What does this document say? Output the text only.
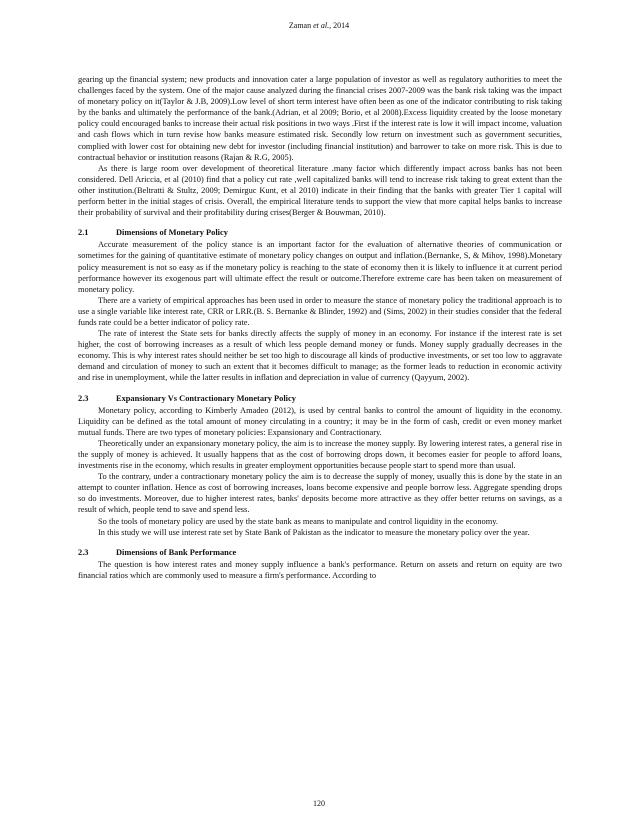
Zaman et al., 2014

gearing up the financial system; new products and innovation cater a large population of investor as well as regulatory authorities to meet the challenges faced by the system. One of the major cause analyzed during the financial crises 2007-2009 was the bank risk taking was the impact of monetary policy on it(Taylor & J.B, 2009).Low level of short term interest have often been as one of the indicator contributing to risk taking by the banks and ultimately the performance of the bank.(Adrian, et al 2009; Borio, et al 2008).Excess liquidity created by the loose monetary policy could encouraged banks to increase their actual risk positions in two ways .First if the interest rate is low it will impact income, valuation and cash flows which in turn revise how banks measure estimated risk. Secondly low return on investment such as government securities, complied with lower cost for obtaining new debt for investor (including financial institution) and barrower to take on more risk. This is due to contractual behavior or institution reasons (Rajan & R.G, 2005).

As there is large room over development of theoretical literature .many factor which differently impact across banks has not been considered. Dell Ariccia, et al (2010) find that a policy cut rate ,well capitalized banks will tend to increase risk taking to great extent than the other institution.(Beltratti & Stultz, 2009; Demirguc Kunt, et al 2010) indicate in their finding that the banks with greater Tier 1 capital will perform better in the initial stages of crisis. Overall, the empirical literature tends to support the view that more capital helps banks to increase their probability of survival and their profitability during crises(Berger & Bouwman, 2010).

2.1	Dimensions of Monetary Policy

Accurate measurement of the policy stance is an important factor for the evaluation of alternative theories of communication or sometimes for the gaining of quantitative estimate of monetary policy changes on output and inflation.(Bernanke, S, & Mihov, 1998).Monetary policy measurement is not so easy as if the monetary policy is reaching to the state of economy then it is likely to influence it at current period performance however its exogenous part will ultimate effect the result or outcome.Therefore extreme care has been taken on measurement of monetary policy.

There are a variety of empirical approaches has been used in order to measure the stance of monetary policy the traditional approach is to use a single variable like interest rate, CRR or LRR.(B. S. Bernanke & Blinder, 1992) and (Sims, 2002) in their studies consider that the federal funds rate could be a better indicator of policy rate.

The rate of interest the State sets for banks directly affects the supply of money in an economy. For instance if the interest rate is set higher, the cost of borrowing increases as a result of which less people demand money or funds. Money supply gradually decreases in the economy. This is why interest rates should neither be set too high to discourage all kinds of productive investments, or set too low to aggravate demand and circulation of money to such an extent that it becomes difficult to manage; as the former leads to reduction in economic activity and rise in unemployment, while the latter results in inflation and depreciation in value of currency (Qayyum, 2002).

2.3	Expansionary Vs Contractionary Monetary Policy

Monetary policy, according to Kimberly Amadeo (2012), is used by central banks to control the amount of liquidity in the economy. Liquidity can be defined as the total amount of money circulating in a country; it may be in the form of cash, credit or even money market mutual funds. There are two types of monetary policies: Expansionary and Contractionary.

Theoretically under an expansionary monetary policy, the aim is to increase the money supply. By lowering interest rates, a general rise in the supply of money is achieved. It usually happens that as the cost of borrowing drops down, it becomes easier for people to afford loans, investments rise in the economy, which results in greater employment opportunities because people start to spend more than usual.

To the contrary, under a contractionary monetary policy the aim is to decrease the supply of money, usually this is done by the state in an attempt to counter inflation. Hence as cost of borrowing increases, loans become expensive and people borrow less. Aggregate spending drops so do investments. Moreover, due to higher interest rates, banks' deposits become more attractive as they offer better returns on savings, as a result of which, people tend to save and spend less.

So the tools of monetary policy are used by the state bank as means to manipulate and control liquidity in the economy.

In this study we will use interest rate set by State Bank of Pakistan as the indicator to measure the monetary policy over the year.

2.3	Dimensions of Bank Performance

The question is how interest rates and money supply influence a bank's performance. Return on assets and return on equity are two financial ratios which are commonly used to measure a firm's performance. According to

120
